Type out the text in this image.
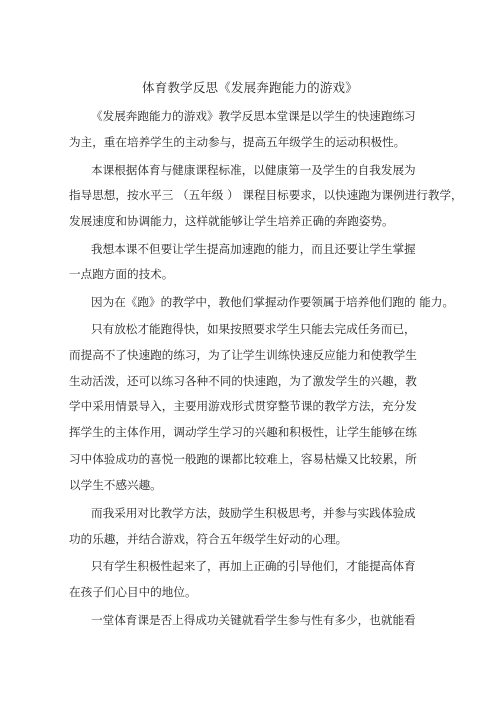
体育教学反思《发展奔跑能力的游戏》
《发展奔跑能力的游戏》教学反思本堂课是以学生的快速跑练习
为主，重在培养学生的主动参与，提高五年级学生的运动积极性。
本课根据体育与健康课程标准，以健康第一及学生的自我发展为
指导思想，按水平三 （五年级 ） 课程目标要求，以快速跑为课例进行教学，
发展速度和协调能力，这样就能够让学生培养正确的奔跑姿势。
我想本课不但要让学生提高加速跑的能力，而且还要让学生掌握
一点跑方面的技术。
因为在《跑》的教学中，教他们掌握动作要领属于培养他们跑的 能力。
只有放松才能跑得快，如果按照要求学生只能去完成任务而已，
而提高不了快速跑的练习，为了让学生训练快速反应能力和使教学生
生动活泼，还可以练习各种不同的快速跑，为了激发学生的兴趣，教
学中采用情景导入，主要用游戏形式贯穿整节课的教学方法，充分发
挥学生的主体作用，调动学生学习的兴趣和积极性，让学生能够在练
习中体验成功的喜悦一般跑的课都比较难上，容易枯燥又比较累，所
以学生不感兴趣。
而我采用对比教学方法，鼓励学生积极思考，并参与实践体验成
功的乐趣，并结合游戏，符合五年级学生好动的心理。
只有学生积极性起来了，再加上正确的引导他们，才能提高体育
在孩子们心目中的地位。
一堂体育课是否上得成功关键就看学生参与性有多少，也就能看
